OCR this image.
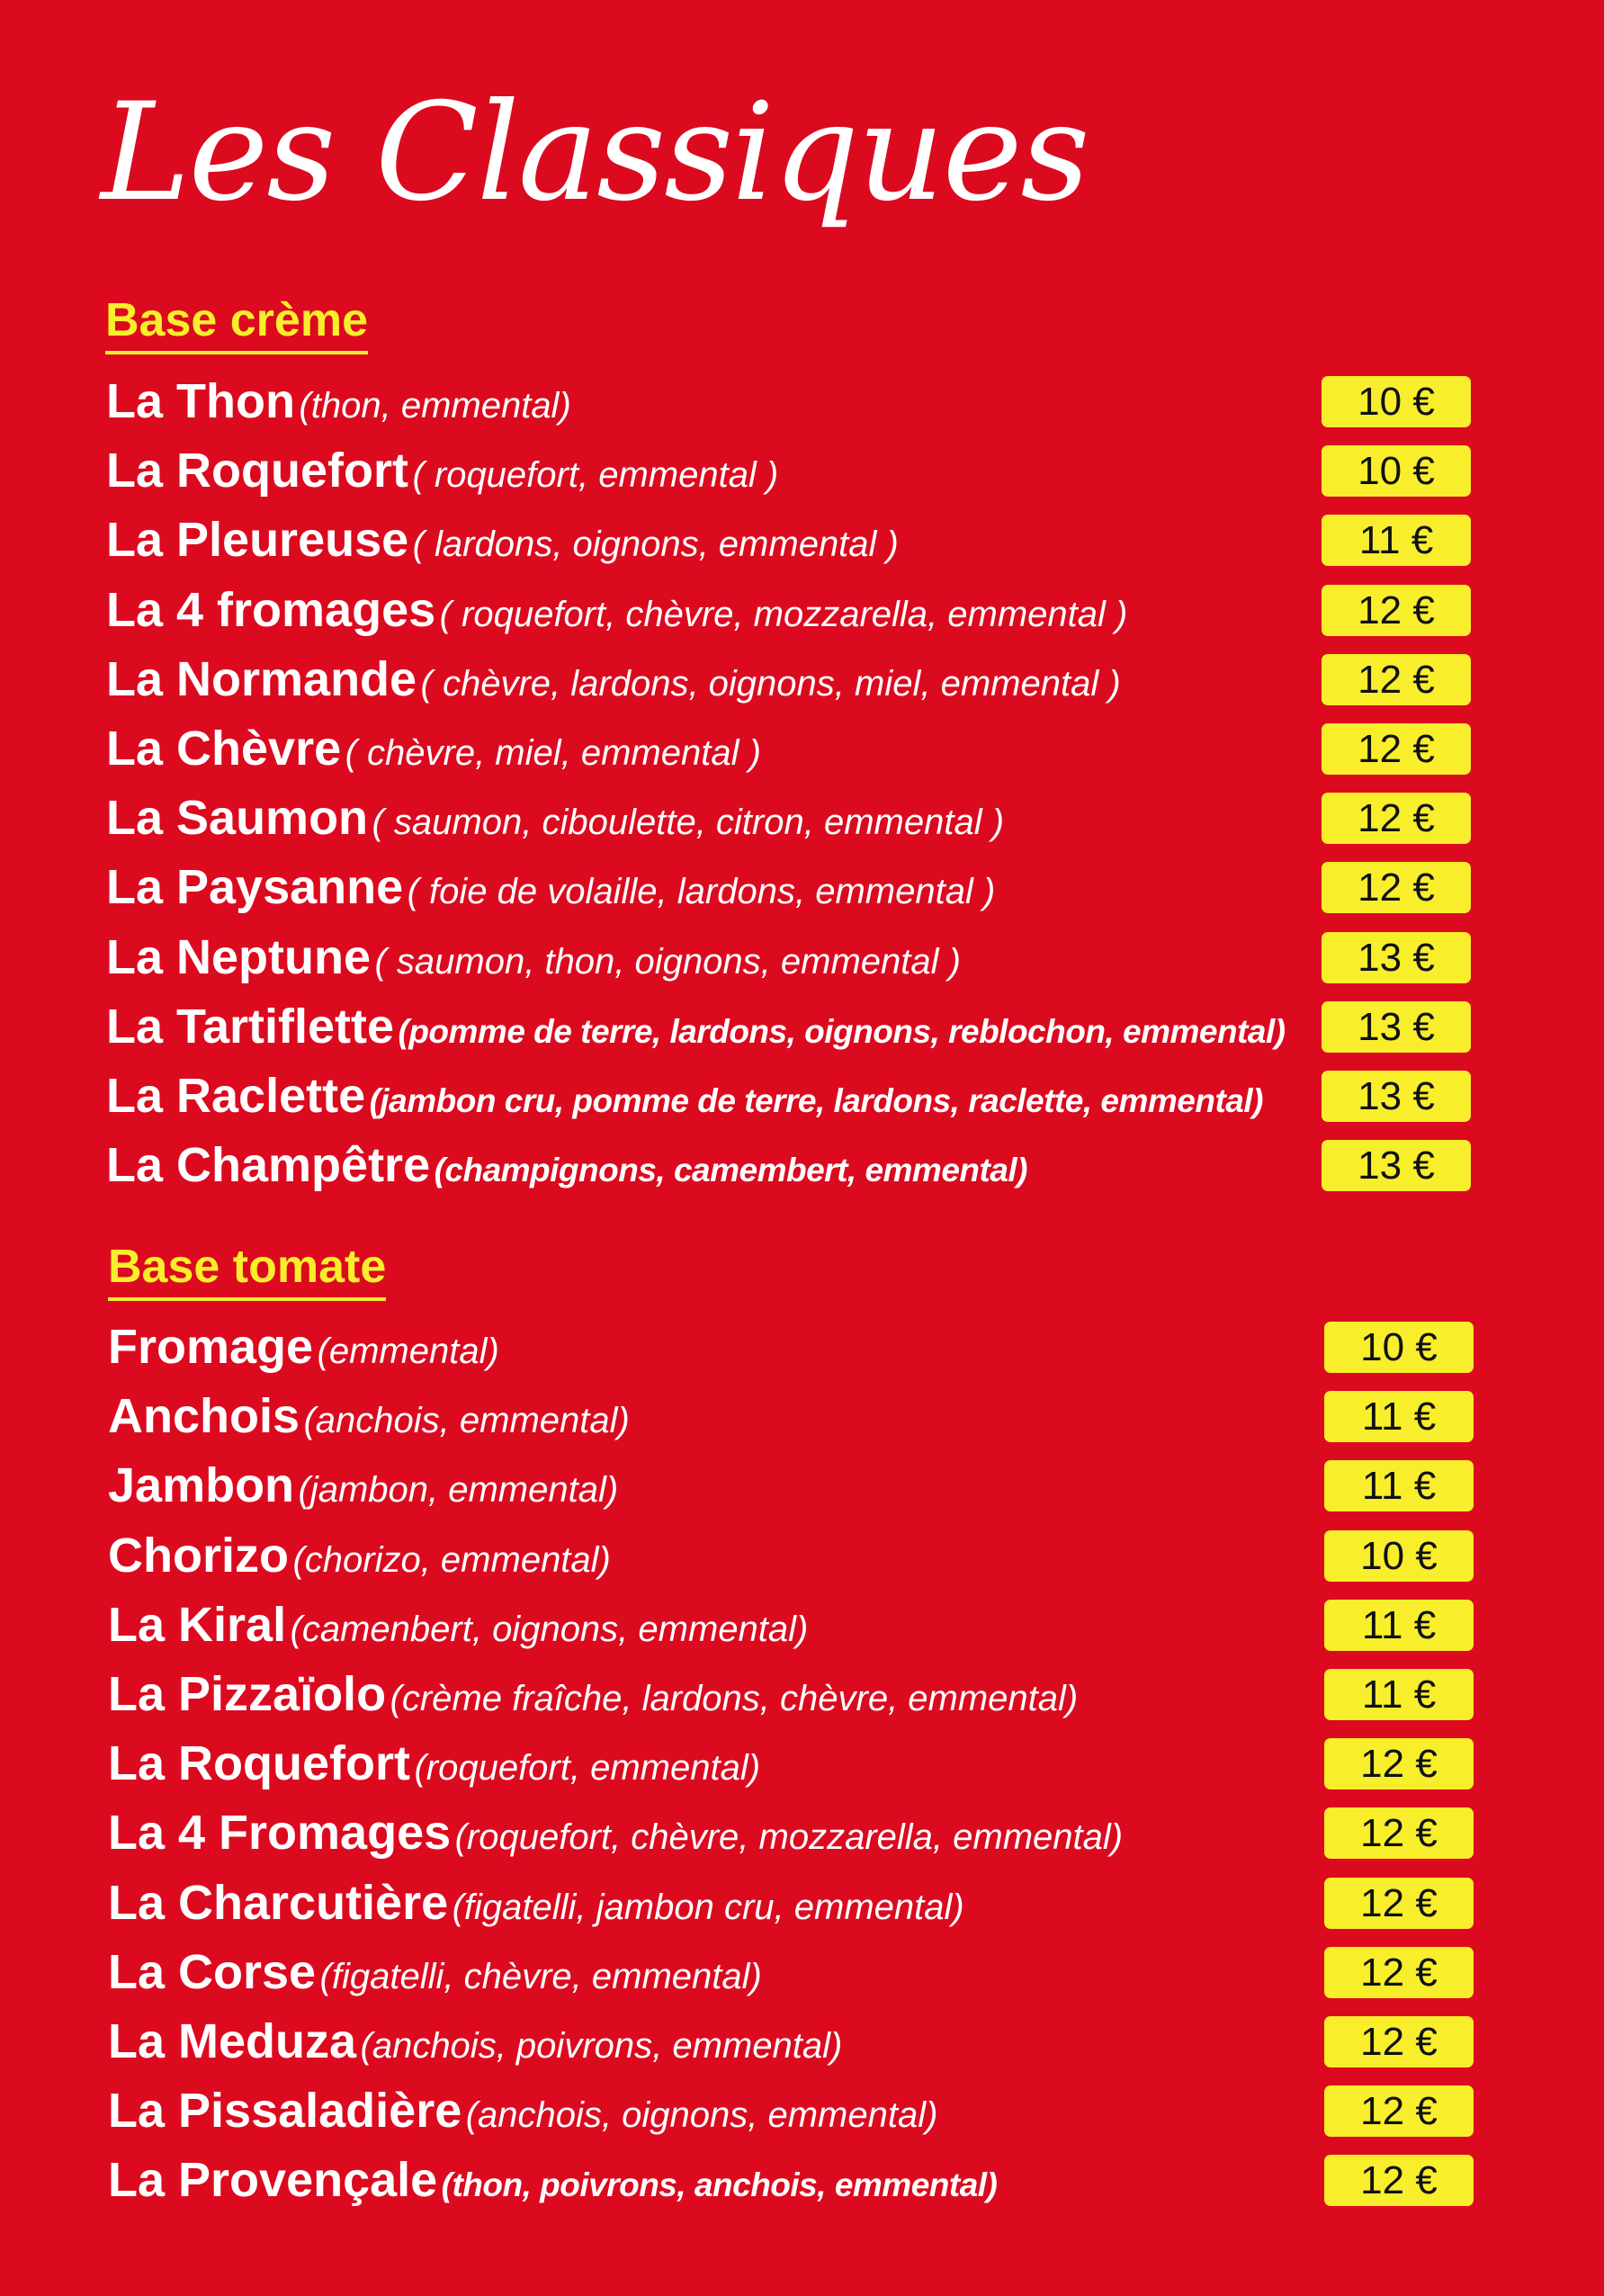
Les Classiques
Base crème
La Thon (thon, emmental)	10 €
La Roquefort ( roquefort, emmental )	10 €
La Pleureuse ( lardons, oignons, emmental )	11 €
La 4 fromages ( roquefort, chèvre, mozzarella, emmental )	12 €
La Normande ( chèvre, lardons, oignons, miel, emmental )	12 €
La Chèvre ( chèvre, miel, emmental )	12 €
La Saumon ( saumon, ciboulette, citron, emmental )	12 €
La Paysanne ( foie de volaille, lardons, emmental )	12 €
La Neptune ( saumon, thon, oignons, emmental )	13 €
La Tartiflette (pomme de terre, lardons, oignons, reblochon, emmental)	13 €
La Raclette (jambon cru, pomme de terre, lardons, raclette, emmental)	13 €
La Champêtre (champignons, camembert, emmental)	13 €
Base tomate
Fromage (emmental)	10 €
Anchois (anchois, emmental)	11 €
Jambon (jambon, emmental)	11 €
Chorizo (chorizo, emmental)	10 €
La Kiral (camenbert, oignons, emmental)	11 €
La Pizzaïolo (crème fraîche, lardons, chèvre, emmental)	11 €
La Roquefort (roquefort, emmental)	12 €
La 4 Fromages (roquefort, chèvre, mozzarella, emmental)	12 €
La Charcutière (figatelli, jambon cru, emmental)	12 €
La Corse (figatelli, chèvre, emmental)	12 €
La Meduza (anchois, poivrons, emmental)	12 €
La Pissaladière (anchois, oignons, emmental)	12 €
La Provençale (thon, poivrons, anchois, emmental)	12 €
